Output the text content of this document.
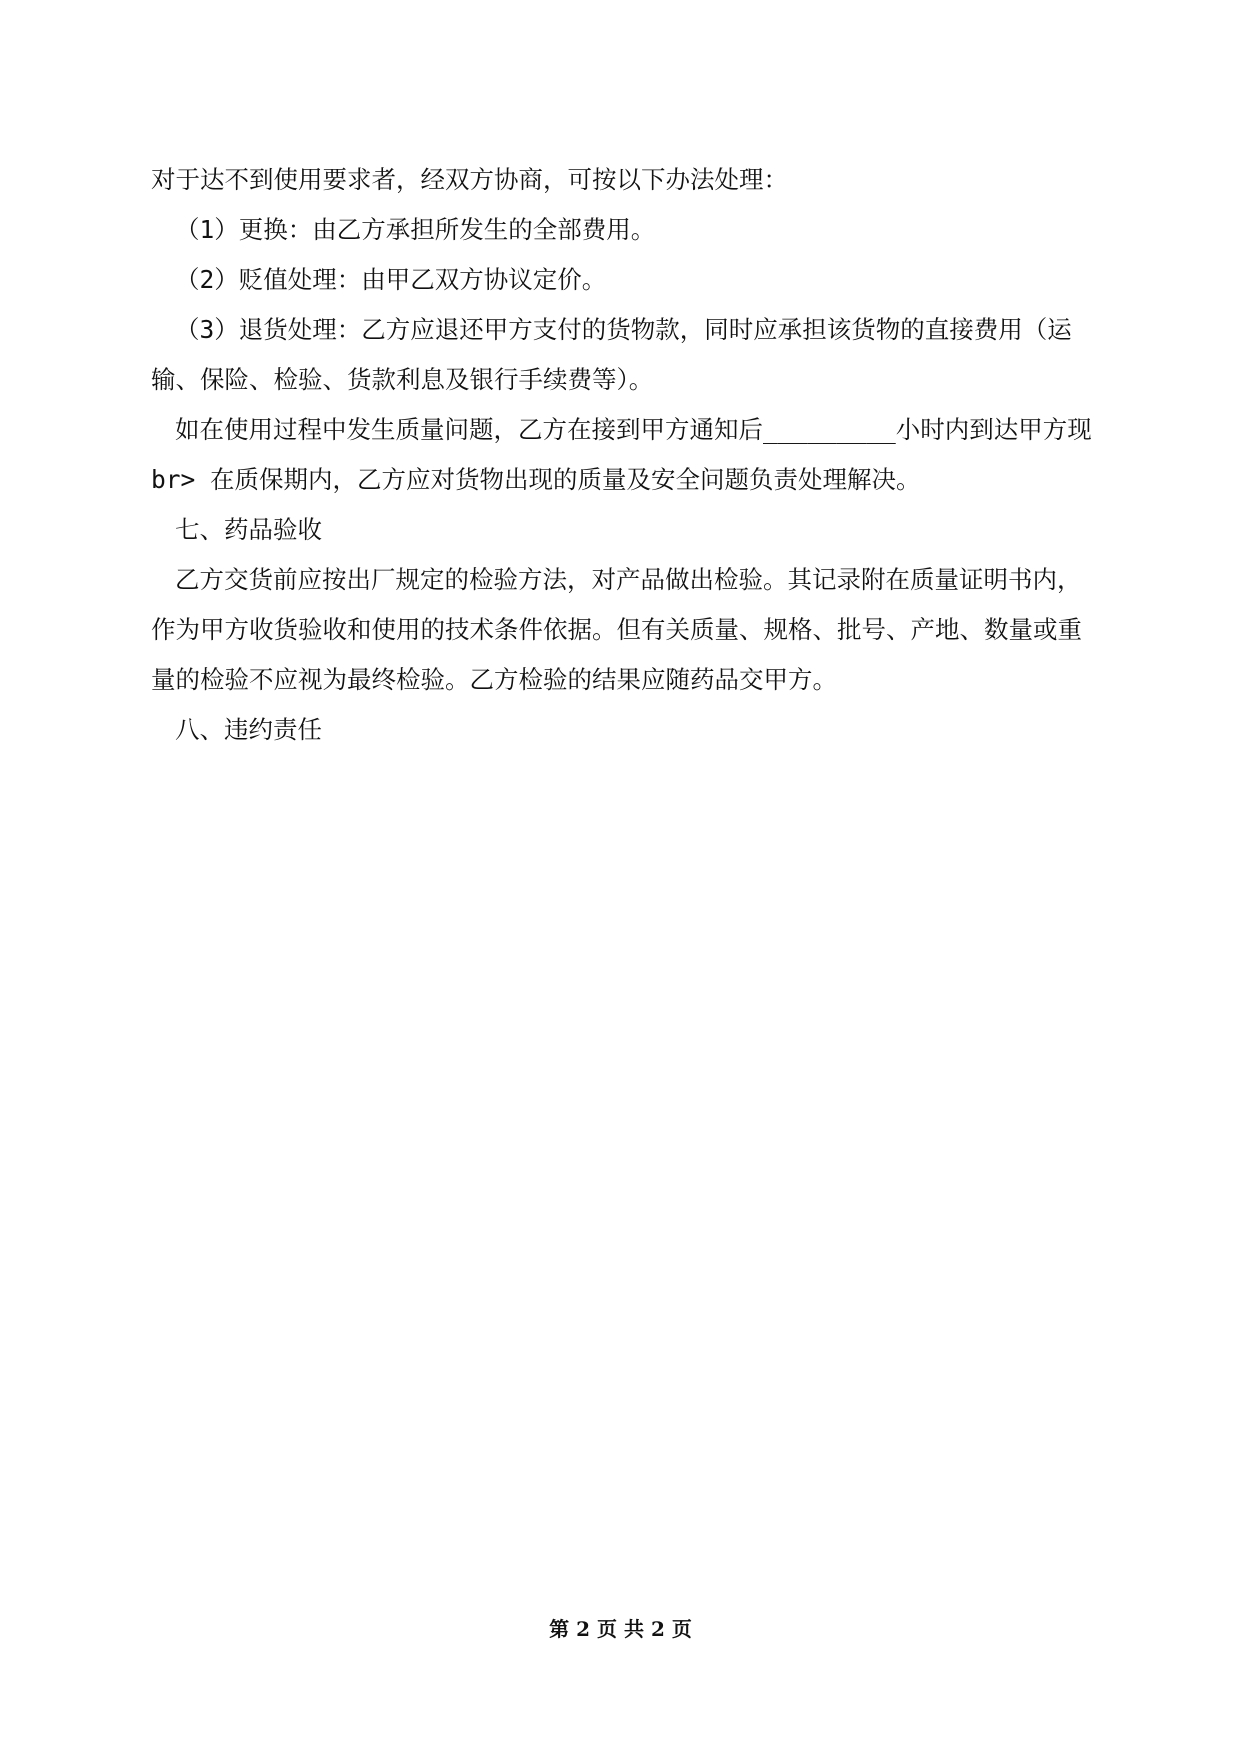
对于达不到使用要求者，经双方协商，可按以下办法处理：
（1）更换：由乙方承担所发生的全部费用。
（2）贬值处理：由甲乙双方协议定价。
（3）退货处理：乙方应退还甲方支付的货物款，同时应承担该货物的直接费用（运
输、保险、检验、货款利息及银行手续费等）。
如在使用过程中发生质量问题，乙方在接到甲方通知后_________小时内到达甲方现
br> 在质保期内，乙方应对货物出现的质量及安全问题负责处理解决。
七、药品验收
乙方交货前应按出厂规定的检验方法，对产品做出检验。其记录附在质量证明书内，
作为甲方收货验收和使用的技术条件依据。但有关质量、规格、批号、产地、数量或重
量的检验不应视为最终检验。乙方检验的结果应随药品交甲方。
八、违约责任
第 2 页 共 2 页
